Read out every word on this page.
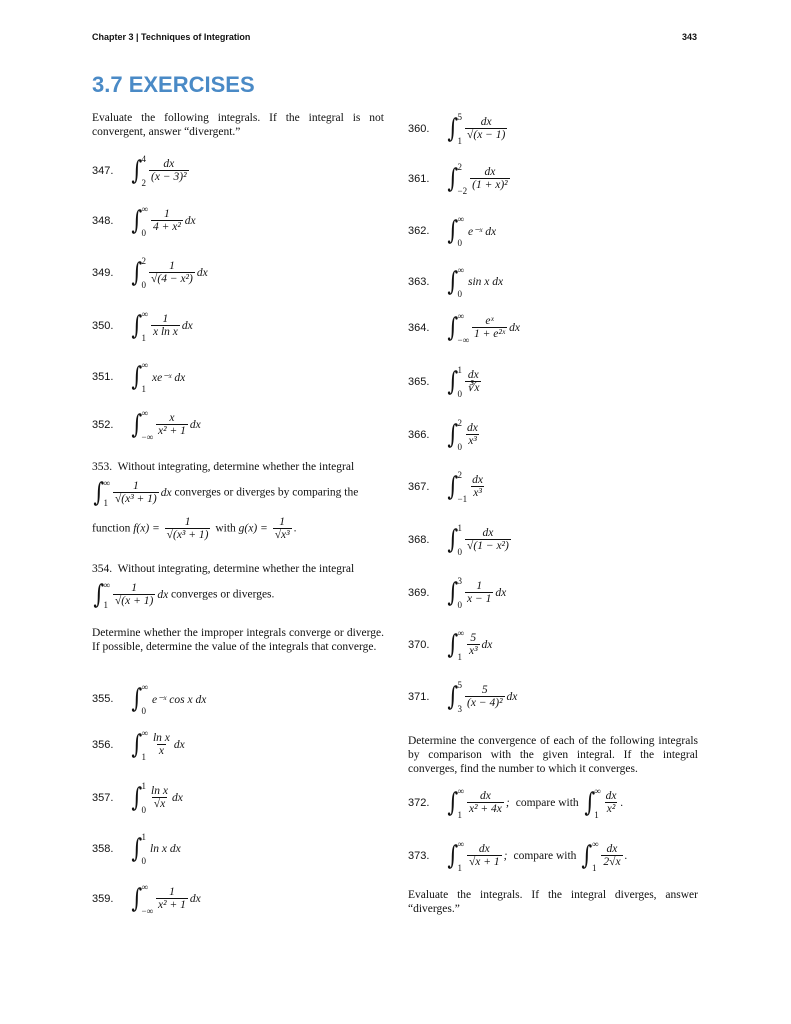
Chapter 3 | Techniques of Integration	343
3.7 EXERCISES
Evaluate the following integrals. If the integral is not convergent, answer “divergent.”
353. Without integrating, determine whether the integral
∫ ∞
$1 \frac{1}{\text{√(x³ + 1)}}$ dx converges or diverges by comparing the
function $f(x) = \frac{1}{\text{√(x³ + 1)}}$ with $g(x) = \frac{1}{\text{√x³}}$ .
354. Without integrating, determine whether the integral
∫ ∞
$1 \frac{1}{√(x + 1)}$ dx converges or diverges.
Determine whether the improper integrals converge or diverge. If possible, determine the value of the integrals that converge.
Determine the convergence of each of the following integrals by comparison with the given integral. If the integral converges, find the number to which it converges.
Evaluate the integrals. If the integral diverges, answer “diverges.”
347. ∫ 4
$2 \frac{dx}{\text{(x − 3)²}}$
348. ∫ ∞
$0 \frac{1}{\text{4 + x²}}$ dx
349. ∫ 2
$0 \frac{1}{\text{√(4 − x²)}}$ dx
350. ∫ ∞
$1 \frac{1}{\text{x ln x}}$ dx
351. ∫ ∞
1
xe⁻ˣ dx
352. ∫ ∞
−∞ $\frac{x}{\text{x² + 1}}$ dx
355. ∫ ∞
0
e⁻ˣ cos x dx
356. ∫ ∞
$1 \frac{\text{ln x}}{x}$ dx
357. ∫ 1
$0 \frac{\text{ln x}}{√x}$ dx
358. ∫ 1
0
ln x dx
359. ∫ ∞
−∞ $\frac{1}{\text{x² + 1}}$ dx
360. ∫ 5
$1 \frac{dx}{√(x - 1)}$
361. ∫ 2
$-2 \frac{dx}{\text{(1 + x)²}}$
362. ∫ ∞
0
e⁻ˣ dx
363. ∫ ∞
0
sin x dx
364. ∫ ∞
−∞ $\frac{\text{eˣ}}{\text{1 + e²ˣ}}$ dx
365. ∫ 1
$0 \frac{dx}{∛x}$
366. ∫ 2
$0 \frac{dx}{\text{x³}}$
367. ∫ 2
$-1 \frac{dx}{\text{x³}}$
368. ∫ 1
$0 \frac{dx}{\text{√(1 − x²)}}$
369. ∫ 3
$0 \frac{1}{x - 1}$ dx
370. ∫ ∞
$1 \frac{5}{\text{x³}}$ dx
371. ∫ 5
$3 \frac{5}{\text{(x − 4)²}}$ dx
372. ∫ ∞
$1 \frac{dx}{\text{x² + 4x}}$ ; compare with ∫ ∞
$1 \frac{dx}{\text{x²}}$ .
373. ∫ ∞
$1 \frac{dx}{√x + 1}$ ; compare with ∫ ∞
$1 \frac{dx}{2√x}$ .
